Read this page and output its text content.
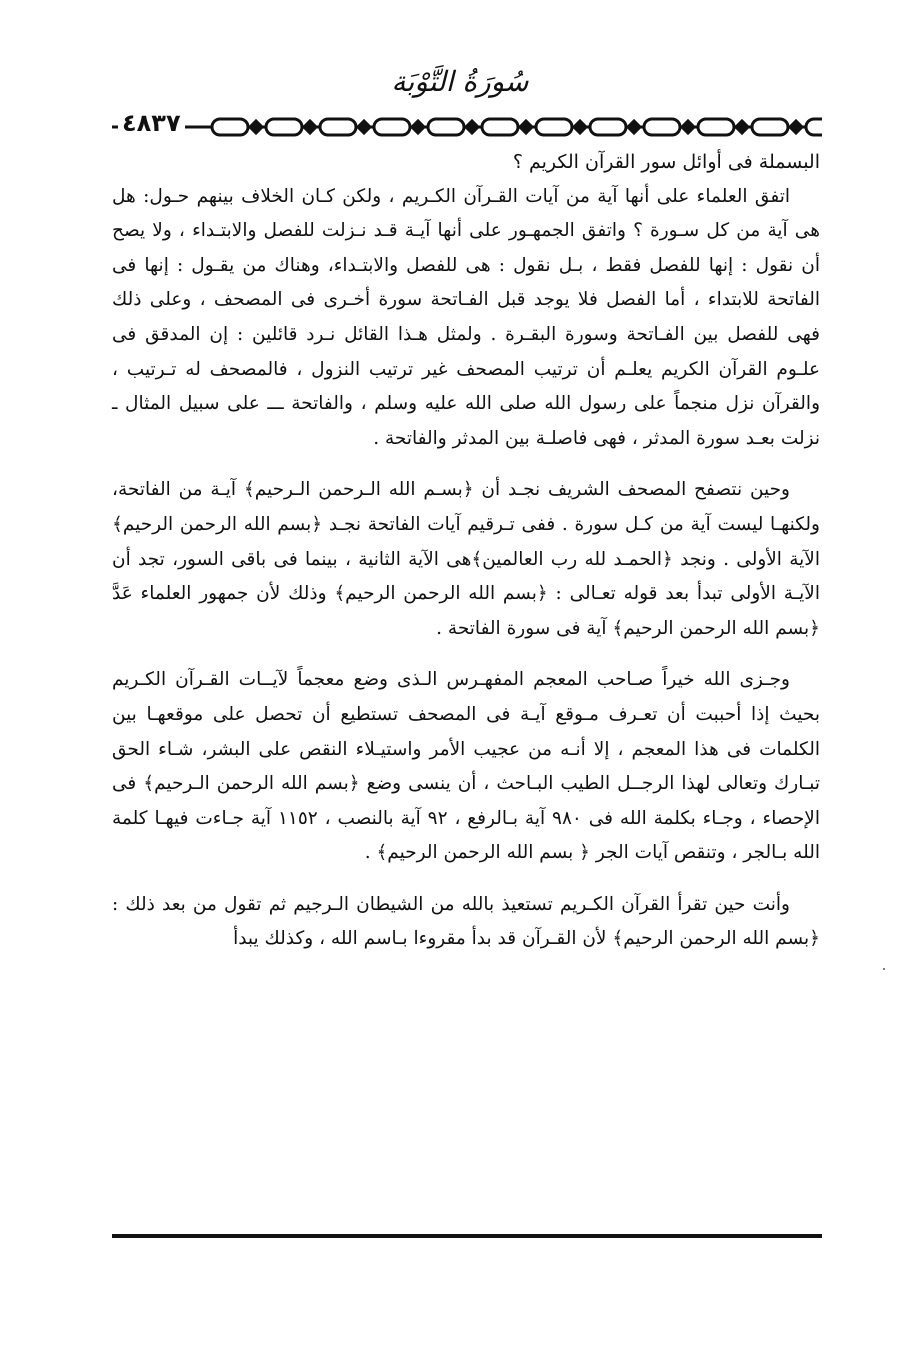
سُورَةُ التَّوْبَة
٤٨٣٧

البسملة فى أوائل سور القرآن الكريم ؟

اتفق العلماء على أنها آية من آيات القـرآن الكـريم ، ولكن كـان الخلاف بينهم حـول: هل هى آية من كل سـورة ؟ واتفق الجمهـور على أنها آيـة قـد نـزلت للفصل والابتـداء ، ولا يصح أن نقول : إنها للفصل فقط ، بـل نقول : هى للفصل والابتـداء، وهناك من يقـول : إنها فى الفاتحة للابتداء ، أما الفصل فلا يوجد قبل الفـاتحة سورة أخـرى فى المصحف ، وعلى ذلك فهى للفصل بين الفـاتحة وسورة البقـرة . ولمثل هـذا القائل نـرد قائلين : إن المدقق فى علـوم القرآن الكريم يعلـم أن ترتيب المصحف غير ترتيب النزول ، فالمصحف له تـرتيب ، والقرآن نزل منجماً على رسول الله صلى الله عليه وسلم ، والفاتحة ـــ على سبيل المثال ـ نزلت بعـد سورة المدثر ، فهى فاصلـة بين المدثر والفاتحة .

وحين نتصفح المصحف الشريف نجـد أن ﴿بسـم الله الـرحمن الـرحيم﴾ آيـة من الفاتحة، ولكنهـا ليست آية من كـل سورة . ففى تـرقيم آيات الفاتحة نجـد ﴿بسم الله الرحمن الرحيم﴾ الآية الأولى . ونجد ﴿الحمـد لله رب العالمين﴾هى الآية الثانية ، بينما فى باقى السور، تجد أن الآيـة الأولى تبدأ بعد قوله تعـالى : ﴿بسم الله الرحمن الرحيم﴾ وذلك لأن جمهور العلماء عَدَّ ﴿بسم الله الرحمن الرحيم﴾ آية فى سورة الفاتحة .

وجـزى الله خيراً صـاحب المعجم المفهـرس الـذى وضع معجماً لآيــات القـرآن الكـريم بحيث إذا أحببت أن تعـرف مـوقع آيـة فى المصحف تستطيع أن تحصل على موقعهـا بين الكلمات فى هذا المعجم ، إلا أنـه من عجيب الأمر واستيـلاء النقص على البشر، شـاء الحق تبـارك وتعالى لهذا الرجــل الطيب البـاحث ، أن ينسى وضع ﴿بسم الله الرحمن الـرحيم﴾ فى الإحصاء ، وجـاء بكلمة الله فى ٩٨٠ آية بـالرفع ، ٩٢ آية بالنصب ، ١١٥٢ آية جـاءت فيهـا كلمة الله بـالجر ، وتنقص آيات الجر ﴿ بسم الله الرحمن الرحيم﴾ .

وأنت حين تقرأ القرآن الكـريم تستعيذ بالله من الشيطان الـرجيم ثم تقول من بعد ذلك : ﴿بسم الله الرحمن الرحيم﴾ لأن القـرآن قد بدأ مقروءا بـاسم الله ، وكذلك يبدأ
